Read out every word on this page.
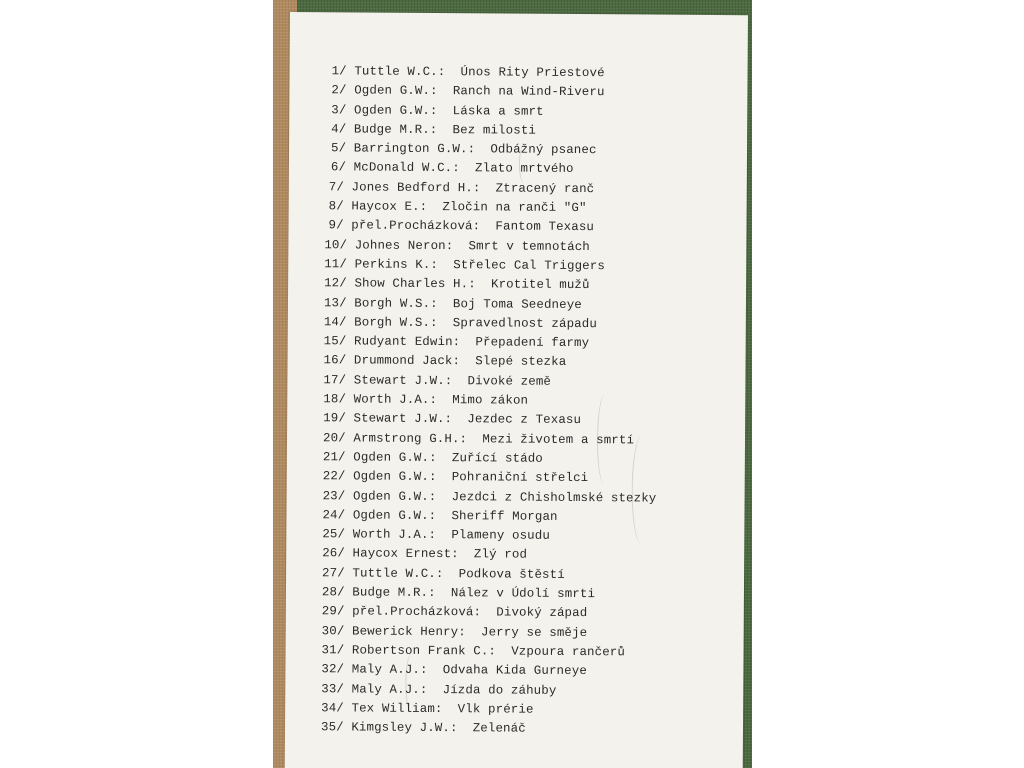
1/ Tuttle W.C.: Únos Rity Priestové
2/ Ogden G.W.: Ranch na Wind-Riveru
3/ Ogden G.W.: Láska a smrt
4/ Budge M.R.: Bez milosti
5/ Barrington G.W.: Odbážný psanec
6/ McDonald W.C.: Zlato mrtvého
7/ Jones Bedford H.: Ztracený ranč
8/ Haycox E.: Zločin na ranči "G"
9/ přel.Procházková: Fantom Texasu
10/ Johnes Neron: Smrt v temnotách
11/ Perkins K.: Střelec Cal Triggers
12/ Show Charles H.: Krotitel mužů
13/ Borgh W.S.: Boj Toma Seedneye
14/ Borgh W.S.: Spravedlnost západu
15/ Rudyant Edwin: Přepadení farmy
16/ Drummond Jack: Slepé stezka
17/ Stewart J.W.: Divoké země
18/ Worth J.A.: Mimo zákon
19/ Stewart J.W.: Jezdec z Texasu
20/ Armstrong G.H.: Mezi životem a smrtí
21/ Ogden G.W.: Zuřící stádo
22/ Ogden G.W.: Pohraniční střelci
23/ Ogden G.W.: Jezdci z Chisholmské stezky
24/ Ogden G.W.: Sheriff Morgan
25/ Worth J.A.: Plameny osudu
26/ Haycox Ernest: Zlý rod
27/ Tuttle W.C.: Podkova štěstí
28/ Budge M.R.: Nález v Údolí smrti
29/ přel.Procházková: Divoký západ
30/ Bewerick Henry: Jerry se směje
31/ Robertson Frank C.: Vzpoura rančerů
32/ Maly A.J.: Odvaha Kida Gurneye
33/ Maly A.J.: Jízda do záhuby
34/ Tex William: Vlk prérie
35/ Kimgsley J.W.: Zelenáč
